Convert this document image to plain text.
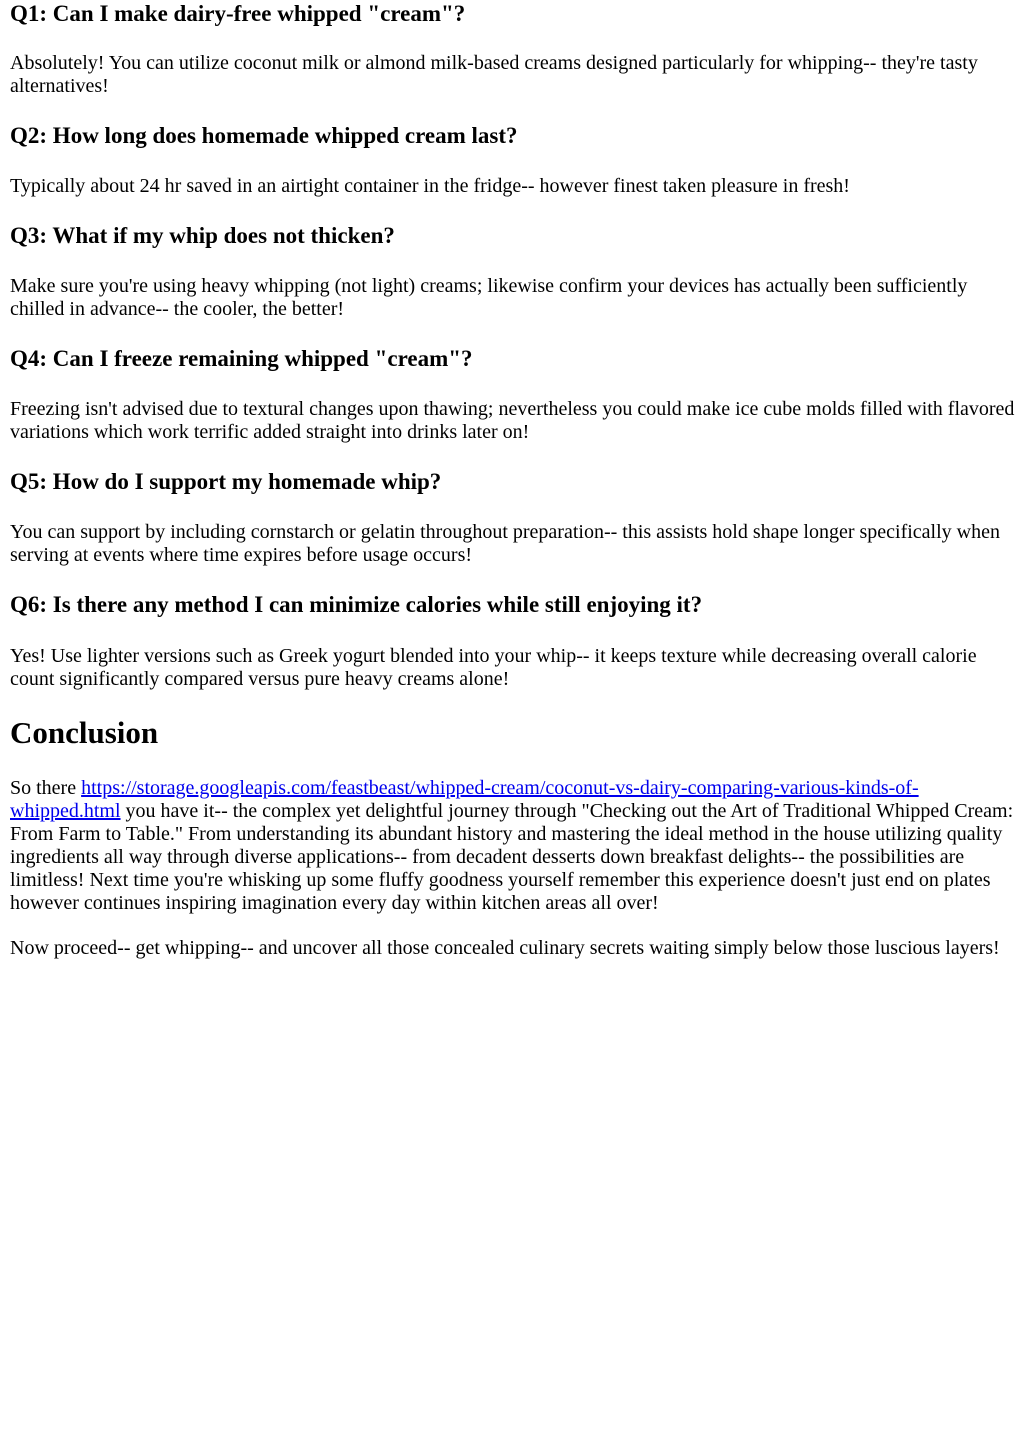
Q1: Can I make dairy-free whipped "cream"?

Absolutely! You can utilize coconut milk or almond milk-based creams designed particularly for whipping-- they're tasty alternatives!

Q2: How long does homemade whipped cream last?

Typically about 24 hr saved in an airtight container in the fridge-- however finest taken pleasure in fresh!

Q3: What if my whip does not thicken?

Make sure you're using heavy whipping (not light) creams; likewise confirm your devices has actually been sufficiently chilled in advance-- the cooler, the better!

Q4: Can I freeze remaining whipped "cream"?

Freezing isn't advised due to textural changes upon thawing; nevertheless you could make ice cube molds filled with flavored variations which work terrific added straight into drinks later on!

Q5: How do I support my homemade whip?

You can support by including cornstarch or gelatin throughout preparation-- this assists hold shape longer specifically when serving at events where time expires before usage occurs!

Q6: Is there any method I can minimize calories while still enjoying it?

Yes! Use lighter versions such as Greek yogurt blended into your whip-- it keeps texture while decreasing overall calorie count significantly compared versus pure heavy creams alone!

Conclusion

So there https://storage.googleapis.com/feastbeast/whipped-cream/coconut-vs-dairy-comparing-various-kinds-of-whipped.html you have it-- the complex yet delightful journey through "Checking out the Art of Traditional Whipped Cream: From Farm to Table." From understanding its abundant history and mastering the ideal method in the house utilizing quality ingredients all way through diverse applications-- from decadent desserts down breakfast delights-- the possibilities are limitless! Next time you're whisking up some fluffy goodness yourself remember this experience doesn't just end on plates however continues inspiring imagination every day within kitchen areas all over!

Now proceed-- get whipping-- and uncover all those concealed culinary secrets waiting simply below those luscious layers!
